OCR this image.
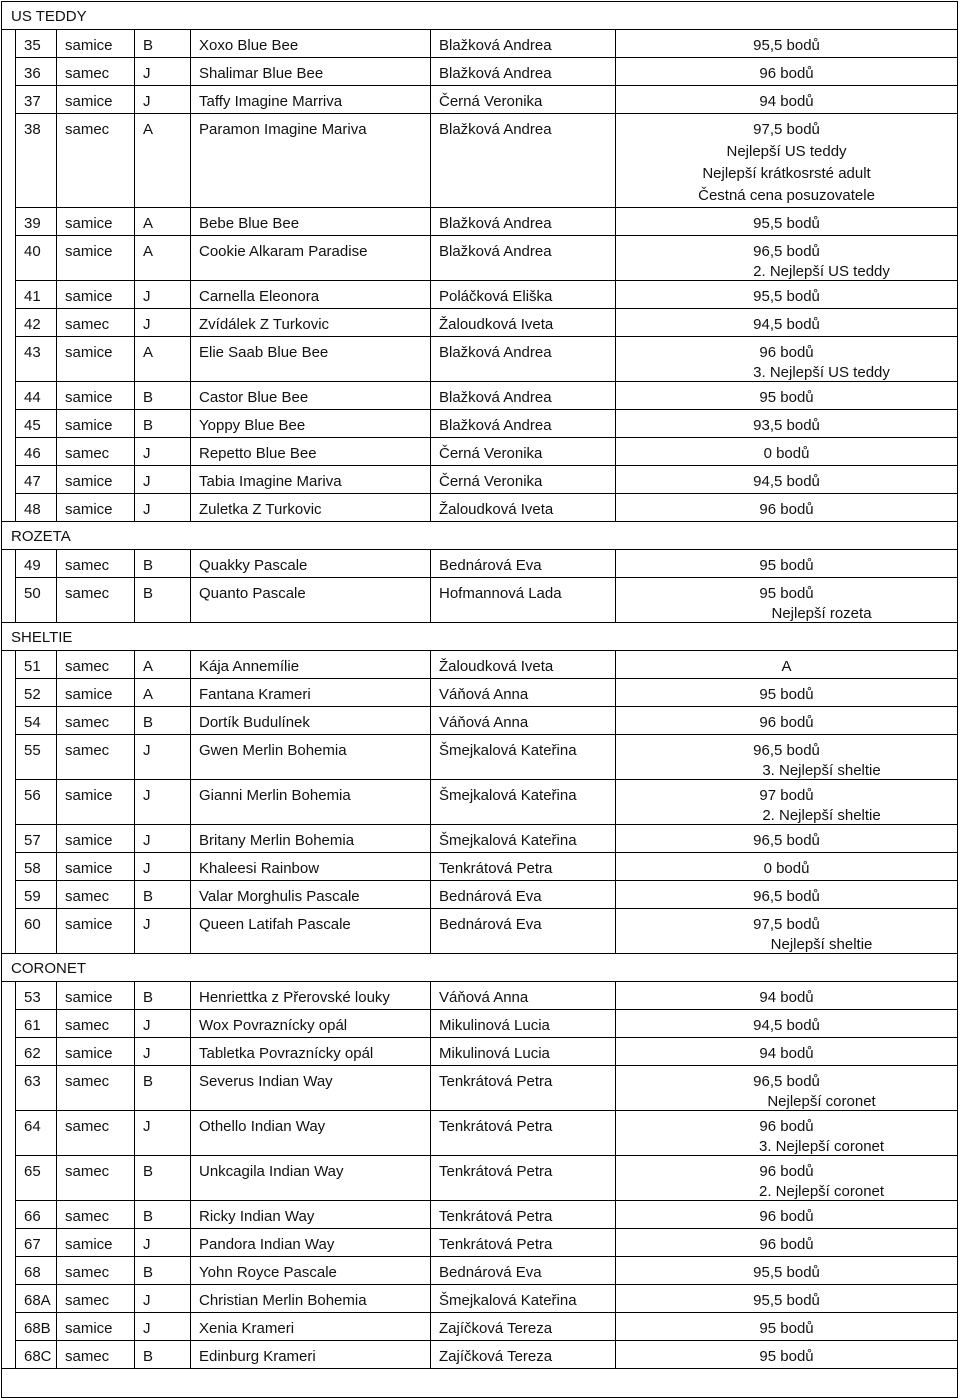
US TEDDY						
	35	samice	B	Xoxo Blue Bee	Blažková Andrea	95,5 bodů

	36	samec	J	Shalimar Blue Bee	Blažková Andrea	96 bodů

	37	samice	J	Taffy Imagine Marriva	Černá Veronika	94 bodů

	38	samec	A	Paramon Imagine Mariva	Blažková Andrea	97,5 bodů
Nejlepší US teddy
Nejlepší krátkosrsté adult
Čestná cena posuzovatele

	39	samice	A	Bebe Blue Bee	Blažková Andrea	95,5 bodů

	40	samice	A	Cookie Alkaram Paradise	Blažková Andrea	96,5 bodů
2. Nejlepší US teddy

	41	samice	J	Carnella Eleonora	Poláčková Eliška	95,5 bodů

	42	samec	J	Zvídálek Z Turkovic	Žaloudková Iveta	94,5 bodů

	43	samice	A	Elie Saab Blue Bee	Blažková Andrea	96 bodů
3. Nejlepší US teddy

	44	samice	B	Castor Blue Bee	Blažková Andrea	95 bodů

	45	samice	B	Yoppy Blue Bee	Blažková Andrea	93,5 bodů

	46	samec	J	Repetto Blue Bee	Černá Veronika	0 bodů

	47	samice	J	Tabia Imagine Mariva	Černá Veronika	94,5 bodů

	48	samice	J	Zuletka Z Turkovic	Žaloudková Iveta	96 bodů

ROZETA						
	49	samec	B	Quakky Pascale	Bednárová Eva	95 bodů

	50	samec	B	Quanto Pascale	Hofmannová Lada	95 bodů
Nejlepší rozeta

SHELTIE						
	51	samec	A	Kája Annemílie	Žaloudková Iveta	A

	52	samice	A	Fantana Krameri	Váňová Anna	95 bodů

	54	samec	B	Dortík Budulínek	Váňová Anna	96 bodů

	55	samec	J	Gwen Merlin Bohemia	Šmejkalová Kateřina	96,5 bodů
3. Nejlepší sheltie

	56	samice	J	Gianni Merlin Bohemia	Šmejkalová Kateřina	97 bodů
2. Nejlepší sheltie

	57	samice	J	Britany Merlin Bohemia	Šmejkalová Kateřina	96,5 bodů

	58	samice	J	Khaleesi Rainbow	Tenkrátová Petra	0 bodů

	59	samec	B	Valar Morghulis Pascale	Bednárová Eva	96,5 bodů

	60	samice	J	Queen Latifah Pascale	Bednárová Eva	97,5 bodů
Nejlepší sheltie

CORONET						
	53	samice	B	Henriettka z Přerovské louky	Váňová Anna	94 bodů

	61	samec	J	Wox Povraznícky opál	Mikulinová Lucia	94,5 bodů

	62	samice	J	Tabletka Povraznícky opál	Mikulinová Lucia	94 bodů

	63	samec	B	Severus Indian Way	Tenkrátová Petra	96,5 bodů
Nejlepší coronet

	64	samec	J	Othello Indian Way	Tenkrátová Petra	96 bodů
3. Nejlepší coronet

	65	samec	B	Unkcagila Indian Way	Tenkrátová Petra	96 bodů
2. Nejlepší coronet

	66	samec	B	Ricky Indian Way	Tenkrátová Petra	96 bodů

	67	samice	J	Pandora Indian Way	Tenkrátová Petra	96 bodů

	68	samec	B	Yohn Royce Pascale	Bednárová Eva	95,5 bodů

	68A	samec	J	Christian Merlin Bohemia	Šmejkalová Kateřina	95,5 bodů

	68B	samice	J	Xenia Krameri	Zajíčková Tereza	95 bodů

	68C	samec	B	Edinburg Krameri	Zajíčková Tereza	95 bodů
